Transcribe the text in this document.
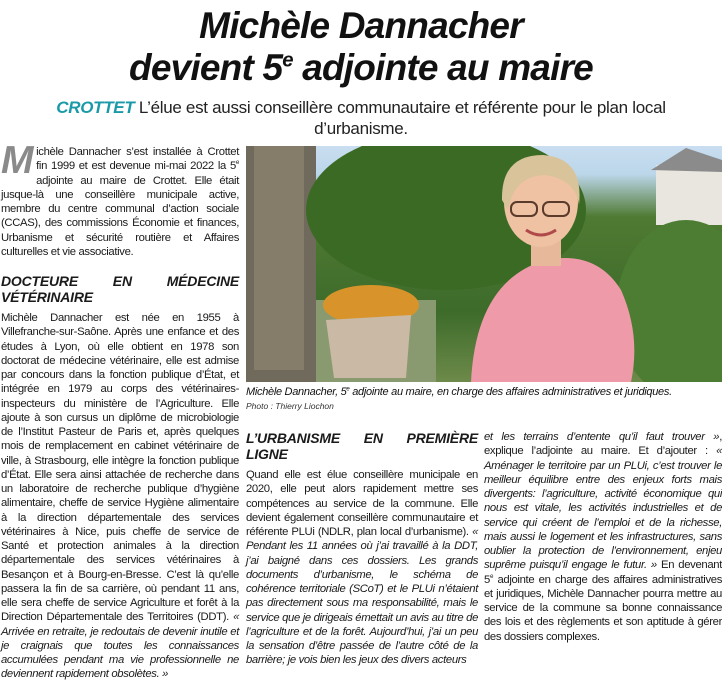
Michèle Dannacher
devient 5e adjointe au maire
CROTTET L’élue est aussi conseillère communautaire et référente pour le plan local d’urbanisme.

Michèle Dannacher s’est installée à Crottet fin 1999 et est devenue mi-mai 2022 la 5e adjointe au maire de Crottet. Elle était jusque-là une conseillère municipale active, membre du centre communal d’action sociale (CCAS), des commissions Économie et finances, Urbanisme et sécurité routière et Affaires culturelles et vie associative.

DOCTEURE EN MÉDECINE VÉTÉRINAIRE

Michèle Dannacher est née en 1955 à Villefranche-sur-Saône. Après une enfance et des études à Lyon, où elle obtient en 1978 son doctorat de médecine vétérinaire, elle est admise par concours dans la fonction publique d’État, et intégrée en 1979 au corps des vétérinaires-inspecteurs du ministère de l’Agriculture. Elle ajoute à son cursus un diplôme de microbiologie de l’Institut Pasteur de Paris et, après quelques mois de remplacement en cabinet vétérinaire de ville, à Strasbourg, elle intègre la fonction publique d’État. Elle sera ainsi attachée de recherche dans un laboratoire de recherche publique d’hygiène alimentaire, cheffe de service Hygiène alimentaire à la direction départementale des services vétérinaires à Nice, puis cheffe de service de Santé et protection animales à la direction départementale des services vétérinaires à Besançon et à Bourg-en-Bresse. C’est là qu’elle passera la fin de sa carrière, où pendant 11 ans, elle sera cheffe de service Agriculture et forêt à la Direction Départementale des Territoires (DDT). « Arrivée en retraite, je redoutais de devenir inutile et je craignais que toutes les connaissances accumulées pendant ma vie professionnelle ne deviennent rapidement obsolètes. »

Michèle Dannacher, 5e adjointe au maire, en charge des affaires administratives et juridiques.
Photo : Thierry Liochon
L’URBANISME EN PREMIÈRE LIGNE

Quand elle est élue conseillère municipale en 2020, elle peut alors rapidement mettre ses compétences au service de la commune. Elle devient également conseillère communautaire et référente PLUi (NDLR, plan local d’urbanisme). « Pendant les 11 années où j’ai travaillé à la DDT, j’ai baigné dans ces dossiers. Les grands documents d’urbanisme, le schéma de cohérence territoriale (SCoT) et le PLUi n’étaient pas directement sous ma responsabilité, mais le service que je dirigeais émettait un avis au titre de l’agriculture et de la forêt. Aujourd’hui, j’ai un peu la sensation d’être passée de l’autre côté de la barrière; je vois bien les jeux des divers acteurs

et les terrains d’entente qu’il faut trouver », explique l’adjointe au maire. Et d’ajouter : « Aménager le territoire par un PLUi, c’est trouver le meilleur équilibre entre des enjeux forts mais divergents: l’agriculture, activité économique qui nous est vitale, les activités industrielles et de service qui créent de l’emploi et de la richesse, mais aussi le logement et les infrastructures, sans oublier la protection de l’environnement, enjeu suprême puisqu’il engage le futur. » En devenant 5e adjointe en charge des affaires administratives et juridiques, Michèle Dannacher pourra mettre au service de la commune sa bonne connaissance des lois et des règlements et son aptitude à gérer des dossiers complexes.
